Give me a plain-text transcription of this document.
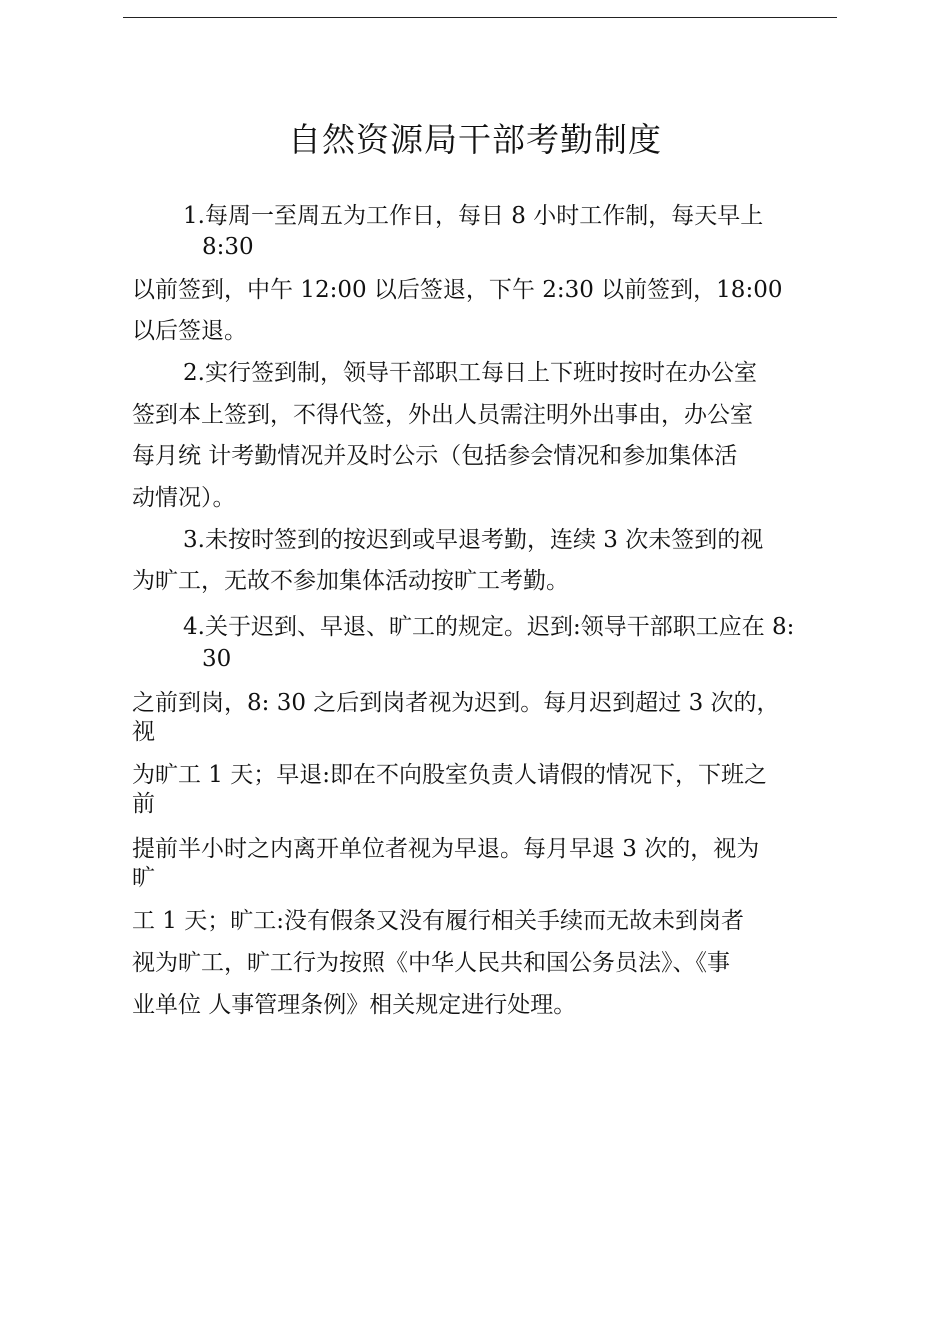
自然资源局干部考勤制度

1.每周一至周五为工作日，每日 8 小时工作制，每天早上

8:30

以前签到，中午 12:00 以后签退，下午 2:30 以前签到，18:00

以后签退。

2.实行签到制，领导干部职工每日上下班时按时在办公室

签到本上签到，不得代签，外出人员需注明外出事由，办公室

每月统 计考勤情况并及时公示（包括参会情况和参加集体活

动情况）。

3.未按时签到的按迟到或早退考勤，连续 3 次未签到的视

为旷工，无故不参加集体活动按旷工考勤。

4.关于迟到、早退、旷工的规定。迟到:领导干部职工应在 8:

30

之前到岗，8: 30 之后到岗者视为迟到。每月迟到超过 3 次的，

视

为旷工 1 天；早退:即在不向股室负责人请假的情况下，下班之

前

提前半小时之内离开单位者视为早退。每月早退 3 次的，视为

旷

工 1 天；旷工:没有假条又没有履行相关手续而无故未到岗者

视为旷工，旷工行为按照《中华人民共和国公务员法》、《事

业单位 人事管理条例》相关规定进行处理。
